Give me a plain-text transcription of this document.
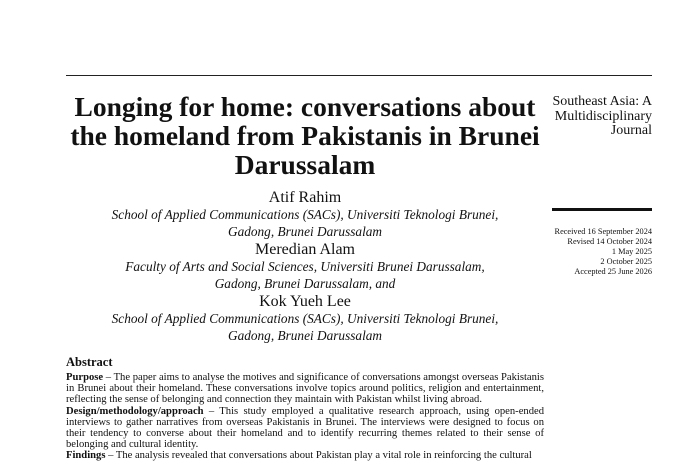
Longing for home: conversations about the homeland from Pakistanis in Brunei Darussalam
Southeast Asia: A
Multidisciplinary
Journal
Received 16 September 2024
Revised 14 October 2024
1 May 2025
2 October 2025
Accepted 25 June 2026
Atif Rahim
School of Applied Communications (SACs), Universiti Teknologi Brunei,
Gadong, Brunei Darussalam
Meredian Alam
Faculty of Arts and Social Sciences, Universiti Brunei Darussalam,
Gadong, Brunei Darussalam, and
Kok Yueh Lee
School of Applied Communications (SACs), Universiti Teknologi Brunei,
Gadong, Brunei Darussalam
Abstract

Purpose – The paper aims to analyse the motives and significance of conversations amongst overseas Pakistanis in Brunei about their homeland. These conversations involve topics around politics, religion and entertainment, reflecting the sense of belonging and connection they maintain with Pakistan whilst living abroad.

Design/methodology/approach – This study employed a qualitative research approach, using open-ended interviews to gather narratives from overseas Pakistanis in Brunei. The interviews were designed to focus on their tendency to converse about their homeland and to identify recurring themes related to their sense of belonging and cultural identity.

Findings – The analysis revealed that conversations about Pakistan play a vital role in reinforcing the cultural
